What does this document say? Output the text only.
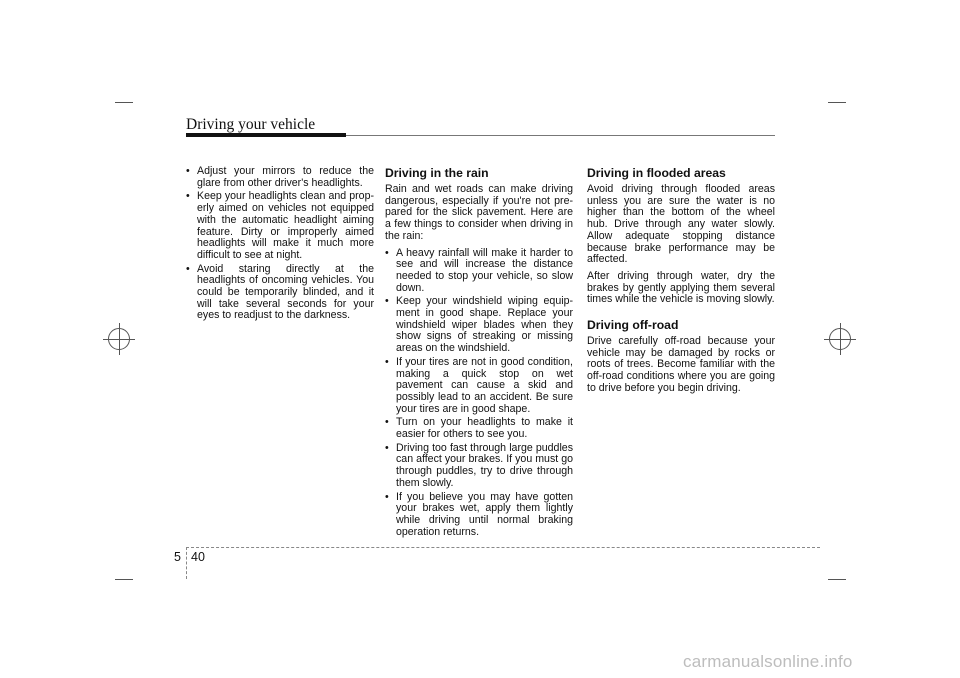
Driving your vehicle
• Adjust your mirrors to reduce the glare from other driver's headlights.
• Keep your headlights clean and properly aimed on vehicles not equipped with the automatic headlight aiming feature. Dirty or improperly aimed headlights will make it much more difficult to see at night.
• Avoid staring directly at the headlights of oncoming vehicles. You could be temporarily blinded, and it will take several seconds for your eyes to readjust to the darkness.
Driving in the rain

Rain and wet roads can make driving dangerous, especially if you're not prepared for the slick pavement. Here are a few things to consider when driving in the rain:

• A heavy rainfall will make it harder to see and will increase the distance needed to stop your vehicle, so slow down.
• Keep your windshield wiping equipment in good shape. Replace your windshield wiper blades when they show signs of streaking or missing areas on the windshield.
• If your tires are not in good condition, making a quick stop on wet pavement can cause a skid and possibly lead to an accident. Be sure your tires are in good shape.
• Turn on your headlights to make it easier for others to see you.
• Driving too fast through large puddles can affect your brakes. If you must go through puddles, try to drive through them slowly.
• If you believe you may have gotten your brakes wet, apply them lightly while driving until normal braking operation returns.
Driving in flooded areas

Avoid driving through flooded areas unless you are sure the water is no higher than the bottom of the wheel hub. Drive through any water slowly. Allow adequate stopping distance because brake performance may be affected.

After driving through water, dry the brakes by gently applying them several times while the vehicle is moving slowly.

Driving off-road

Drive carefully off-road because your vehicle may be damaged by rocks or roots of trees. Become familiar with the off-road conditions where you are going to drive before you begin driving.

5 40
carmanualsonline.info
